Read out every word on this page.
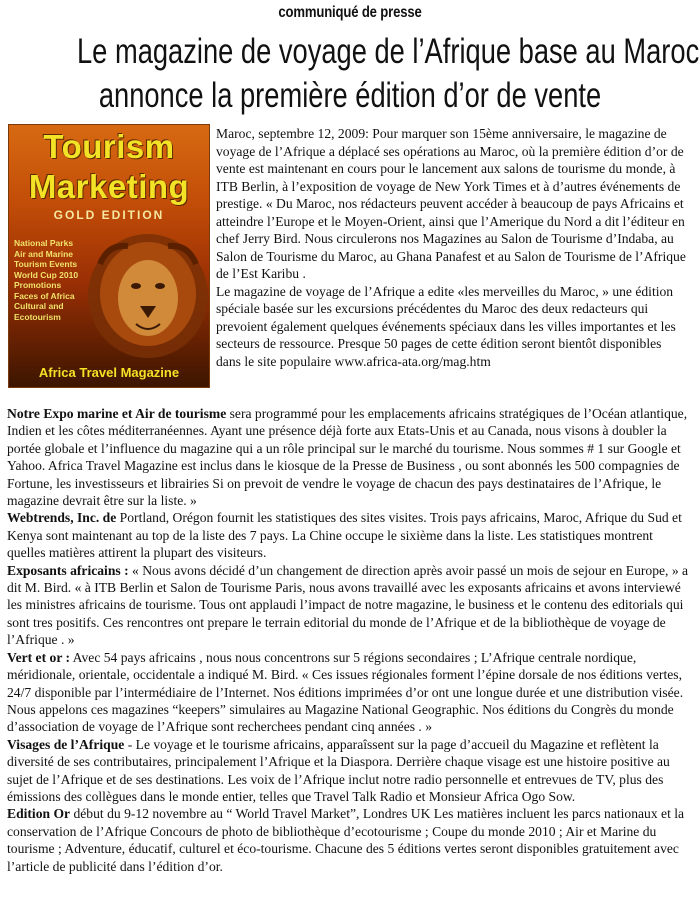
communiqué de presse
Le magazine de voyage de l’Afrique base au Maroc
annonce la première édition d’or de vente
Tourism
Marketing
GOLD EDITION
National Parks
Air and Marine
Tourism Events
World Cup 2010
Promotions
Faces of Africa
Cultural and
Ecotourism
Africa Travel Magazine

Maroc, septembre 12, 2009: Pour marquer son 15ème anniversaire, le magazine de voyage de l’Afrique a déplacé ses opérations au Maroc, où la première édition d’or de vente est maintenant en cours pour le lancement aux salons de tourisme du monde, à ITB Berlin, à l’exposition de voyage de New York Times et à d’autres événements de prestige. « Du Maroc, nos rédacteurs peuvent accéder à beaucoup de pays Africains et atteindre l’Europe et le Moyen-Orient, ainsi que l’Amerique du Nord a dit l’éditeur en chef Jerry Bird. Nous circulerons nos Magazines au Salon de Tourisme d’Indaba, au Salon de Tourisme du Maroc, au Ghana Panafest et au Salon de Tourisme de l’Afrique de l’Est Karibu .

Le magazine de voyage de l’Afrique a edite «les merveilles du Maroc, » une édition spéciale basée sur les excursions précédentes du Maroc des deux redacteurs qui prevoient également quelques événements spéciaux dans les villes importantes et les secteurs de ressource. Presque 50 pages de cette édition seront bientôt disponibles dans le site populaire www.africa-ata.org/mag.htm

Notre Expo marine et Air de tourisme sera programmé pour les emplacements africains stratégiques de l’Océan atlantique, Indien et les côtes méditerranéennes. Ayant une présence déjà forte aux Etats-Unis et au Canada, nous visons à doubler la portée globale et l’influence du magazine qui a un rôle principal sur le marché du tourisme. Nous sommes # 1 sur Google et Yahoo. Africa Travel Magazine est inclus dans le kiosque de la Presse de Business , ou sont abonnés les 500 compagnies de Fortune, les investisseurs et librairies Si on prevoit de vendre le voyage de chacun des pays destinataires de l’Afrique, le magazine devrait être sur la liste. »

Webtrends, Inc. de Portland, Orégon fournit les statistiques des sites visites. Trois pays africains, Maroc, Afrique du Sud et Kenya sont maintenant au top de la liste des 7 pays. La Chine occupe le sixième dans la liste. Les statistiques montrent quelles matières attirent la plupart des visiteurs.

Exposants africains : « Nous avons décidé d’un changement de direction après avoir passé un mois de sejour en Europe, » a dit M. Bird. « à ITB Berlin et Salon de Tourisme Paris, nous avons travaillé avec les exposants africains et avons interviewé les ministres africains de tourisme. Tous ont applaudi l’impact de notre magazine, le business et le contenu des editorials qui sont tres positifs. Ces rencontres ont prepare le terrain editorial du monde de l’Afrique et de la bibliothèque de voyage de l’Afrique . »

Vert et or : Avec 54 pays africains , nous nous concentrons sur 5 régions secondaires ; L’Afrique centrale nordique, méridionale, orientale, occidentale a indiqué M. Bird. « Ces issues régionales forment l’épine dorsale de nos éditions vertes, 24/7 disponible par l’intermédiaire de l’Internet. Nos éditions imprimées d’or ont une longue durée et une distribution visée. Nous appelons ces magazines “keepers” simulaires au Magazine National Geographic. Nos éditions du Congrès du monde d’association de voyage de l’Afrique sont recherchees pendant cinq années . »

Visages de l’Afrique - Le voyage et le tourisme africains, apparaîssent sur la page d’accueil du Magazine et reflètent la diversité de ses contributaires, principalement l’Afrique et la Diaspora. Derrière chaque visage est une histoire positive au sujet de l’Afrique et de ses destinations. Les voix de l’Afrique inclut notre radio personnelle et entrevues de TV, plus des émissions des collègues dans le monde entier, telles que Travel Talk Radio et Monsieur Africa Ogo Sow.

Edition Or début du 9-12 novembre au “ World Travel Market”, Londres UK Les matières incluent les parcs nationaux et la conservation de l’Afrique Concours de photo de bibliothèque d’ecotourisme ; Coupe du monde 2010 ; Air et Marine du tourisme ; Adventure, éducatif, culturel et éco-tourisme. Chacune des 5 éditions vertes seront disponibles gratuitement avec l’article de publicité dans l’édition d’or.
